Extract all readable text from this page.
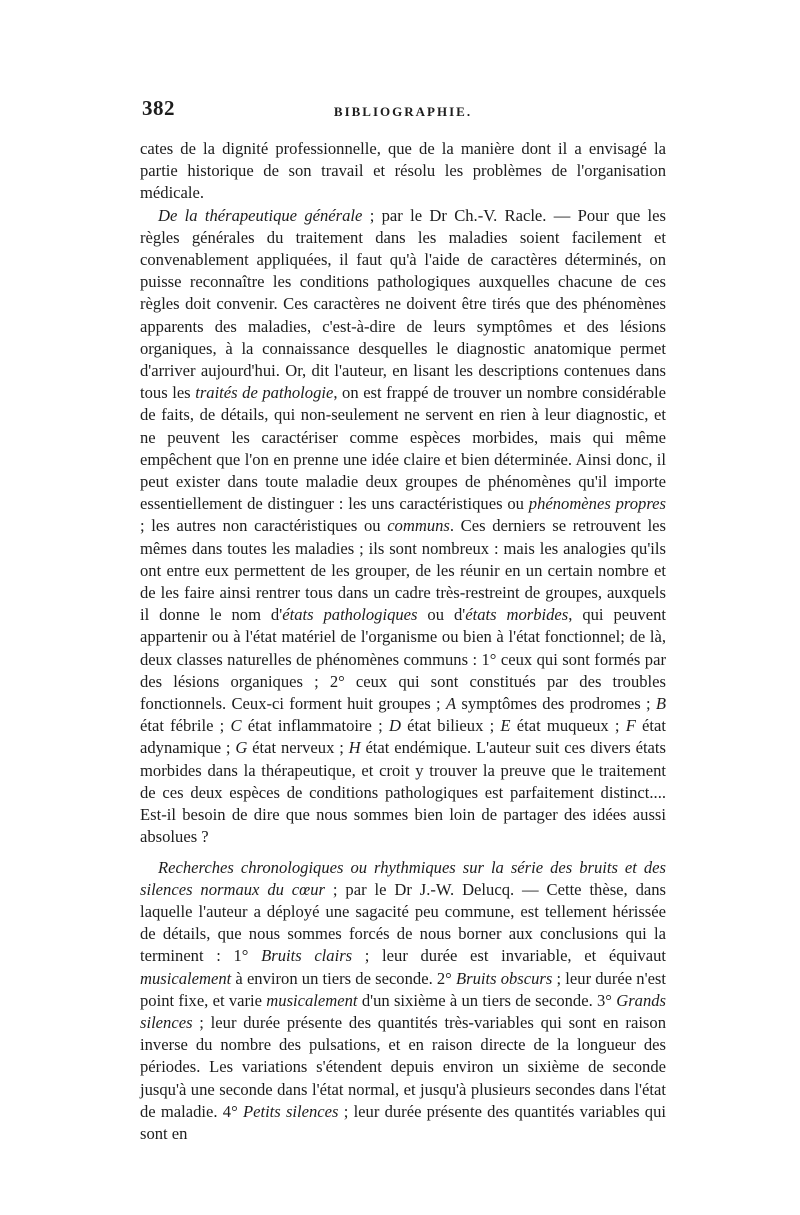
382	BIBLIOGRAPHIE.

cates de la dignité professionnelle, que de la manière dont il a envisagé la partie historique de son travail et résolu les problèmes de l'organisation médicale.

De la thérapeutique générale ; par le Dr Ch.-V. Racle. — Pour que les règles générales du traitement dans les maladies soient facilement et convenablement appliquées, il faut qu'à l'aide de caractères déterminés, on puisse reconnaître les conditions pathologiques auxquelles chacune de ces règles doit convenir. Ces caractères ne doivent être tirés que des phénomènes apparents des maladies, c'est-à-dire de leurs symptômes et des lésions organiques, à la connaissance desquelles le diagnostic anatomique permet d'arriver aujourd'hui. Or, dit l'auteur, en lisant les descriptions contenues dans tous les traités de pathologie, on est frappé de trouver un nombre considérable de faits, de détails, qui non-seulement ne servent en rien à leur diagnostic, et ne peuvent les caractériser comme espèces morbides, mais qui même empêchent que l'on en prenne une idée claire et bien déterminée. Ainsi donc, il peut exister dans toute maladie deux groupes de phénomènes qu'il importe essentiellement de distinguer : les uns caractéristiques ou phénomènes propres ; les autres non caractéristiques ou communs. Ces derniers se retrouvent les mêmes dans toutes les maladies ; ils sont nombreux : mais les analogies qu'ils ont entre eux permettent de les grouper, de les réunir en un certain nombre et de les faire ainsi rentrer tous dans un cadre très-restreint de groupes, auxquels il donne le nom d'états pathologiques ou d'états morbides, qui peuvent appartenir ou à l'état matériel de l'organisme ou bien à l'état fonctionnel; de là, deux classes naturelles de phénomènes communs : 1° ceux qui sont formés par des lésions organiques ; 2° ceux qui sont constitués par des troubles fonctionnels. Ceux-ci forment huit groupes ; A symptômes des prodromes ; B état fébrile ; C état inflammatoire ; D état bilieux ; E état muqueux ; F état adynamique ; G état nerveux ; H état endémique. L'auteur suit ces divers états morbides dans la thérapeutique, et croit y trouver la preuve que le traitement de ces deux espèces de conditions pathologiques est parfaitement distinct.... Est-il besoin de dire que nous sommes bien loin de partager des idées aussi absolues ?

Recherches chronologiques ou rhythmiques sur la série des bruits et des silences normaux du cœur ; par le Dr J.-W. Delucq. — Cette thèse, dans laquelle l'auteur a déployé une sagacité peu commune, est tellement hérissée de détails, que nous sommes forcés de nous borner aux conclusions qui la terminent : 1° Bruits clairs ; leur durée est invariable, et équivaut musicalement à environ un tiers de seconde. 2° Bruits obscurs ; leur durée n'est point fixe, et varie musicalement d'un sixième à un tiers de seconde. 3° Grands silences ; leur durée présente des quantités très-variables qui sont en raison inverse du nombre des pulsations, et en raison directe de la longueur des périodes. Les variations s'étendent depuis environ un sixième de seconde jusqu'à une seconde dans l'état normal, et jusqu'à plusieurs secondes dans l'état de maladie. 4° Petits silences ; leur durée présente des quantités variables qui sont en
